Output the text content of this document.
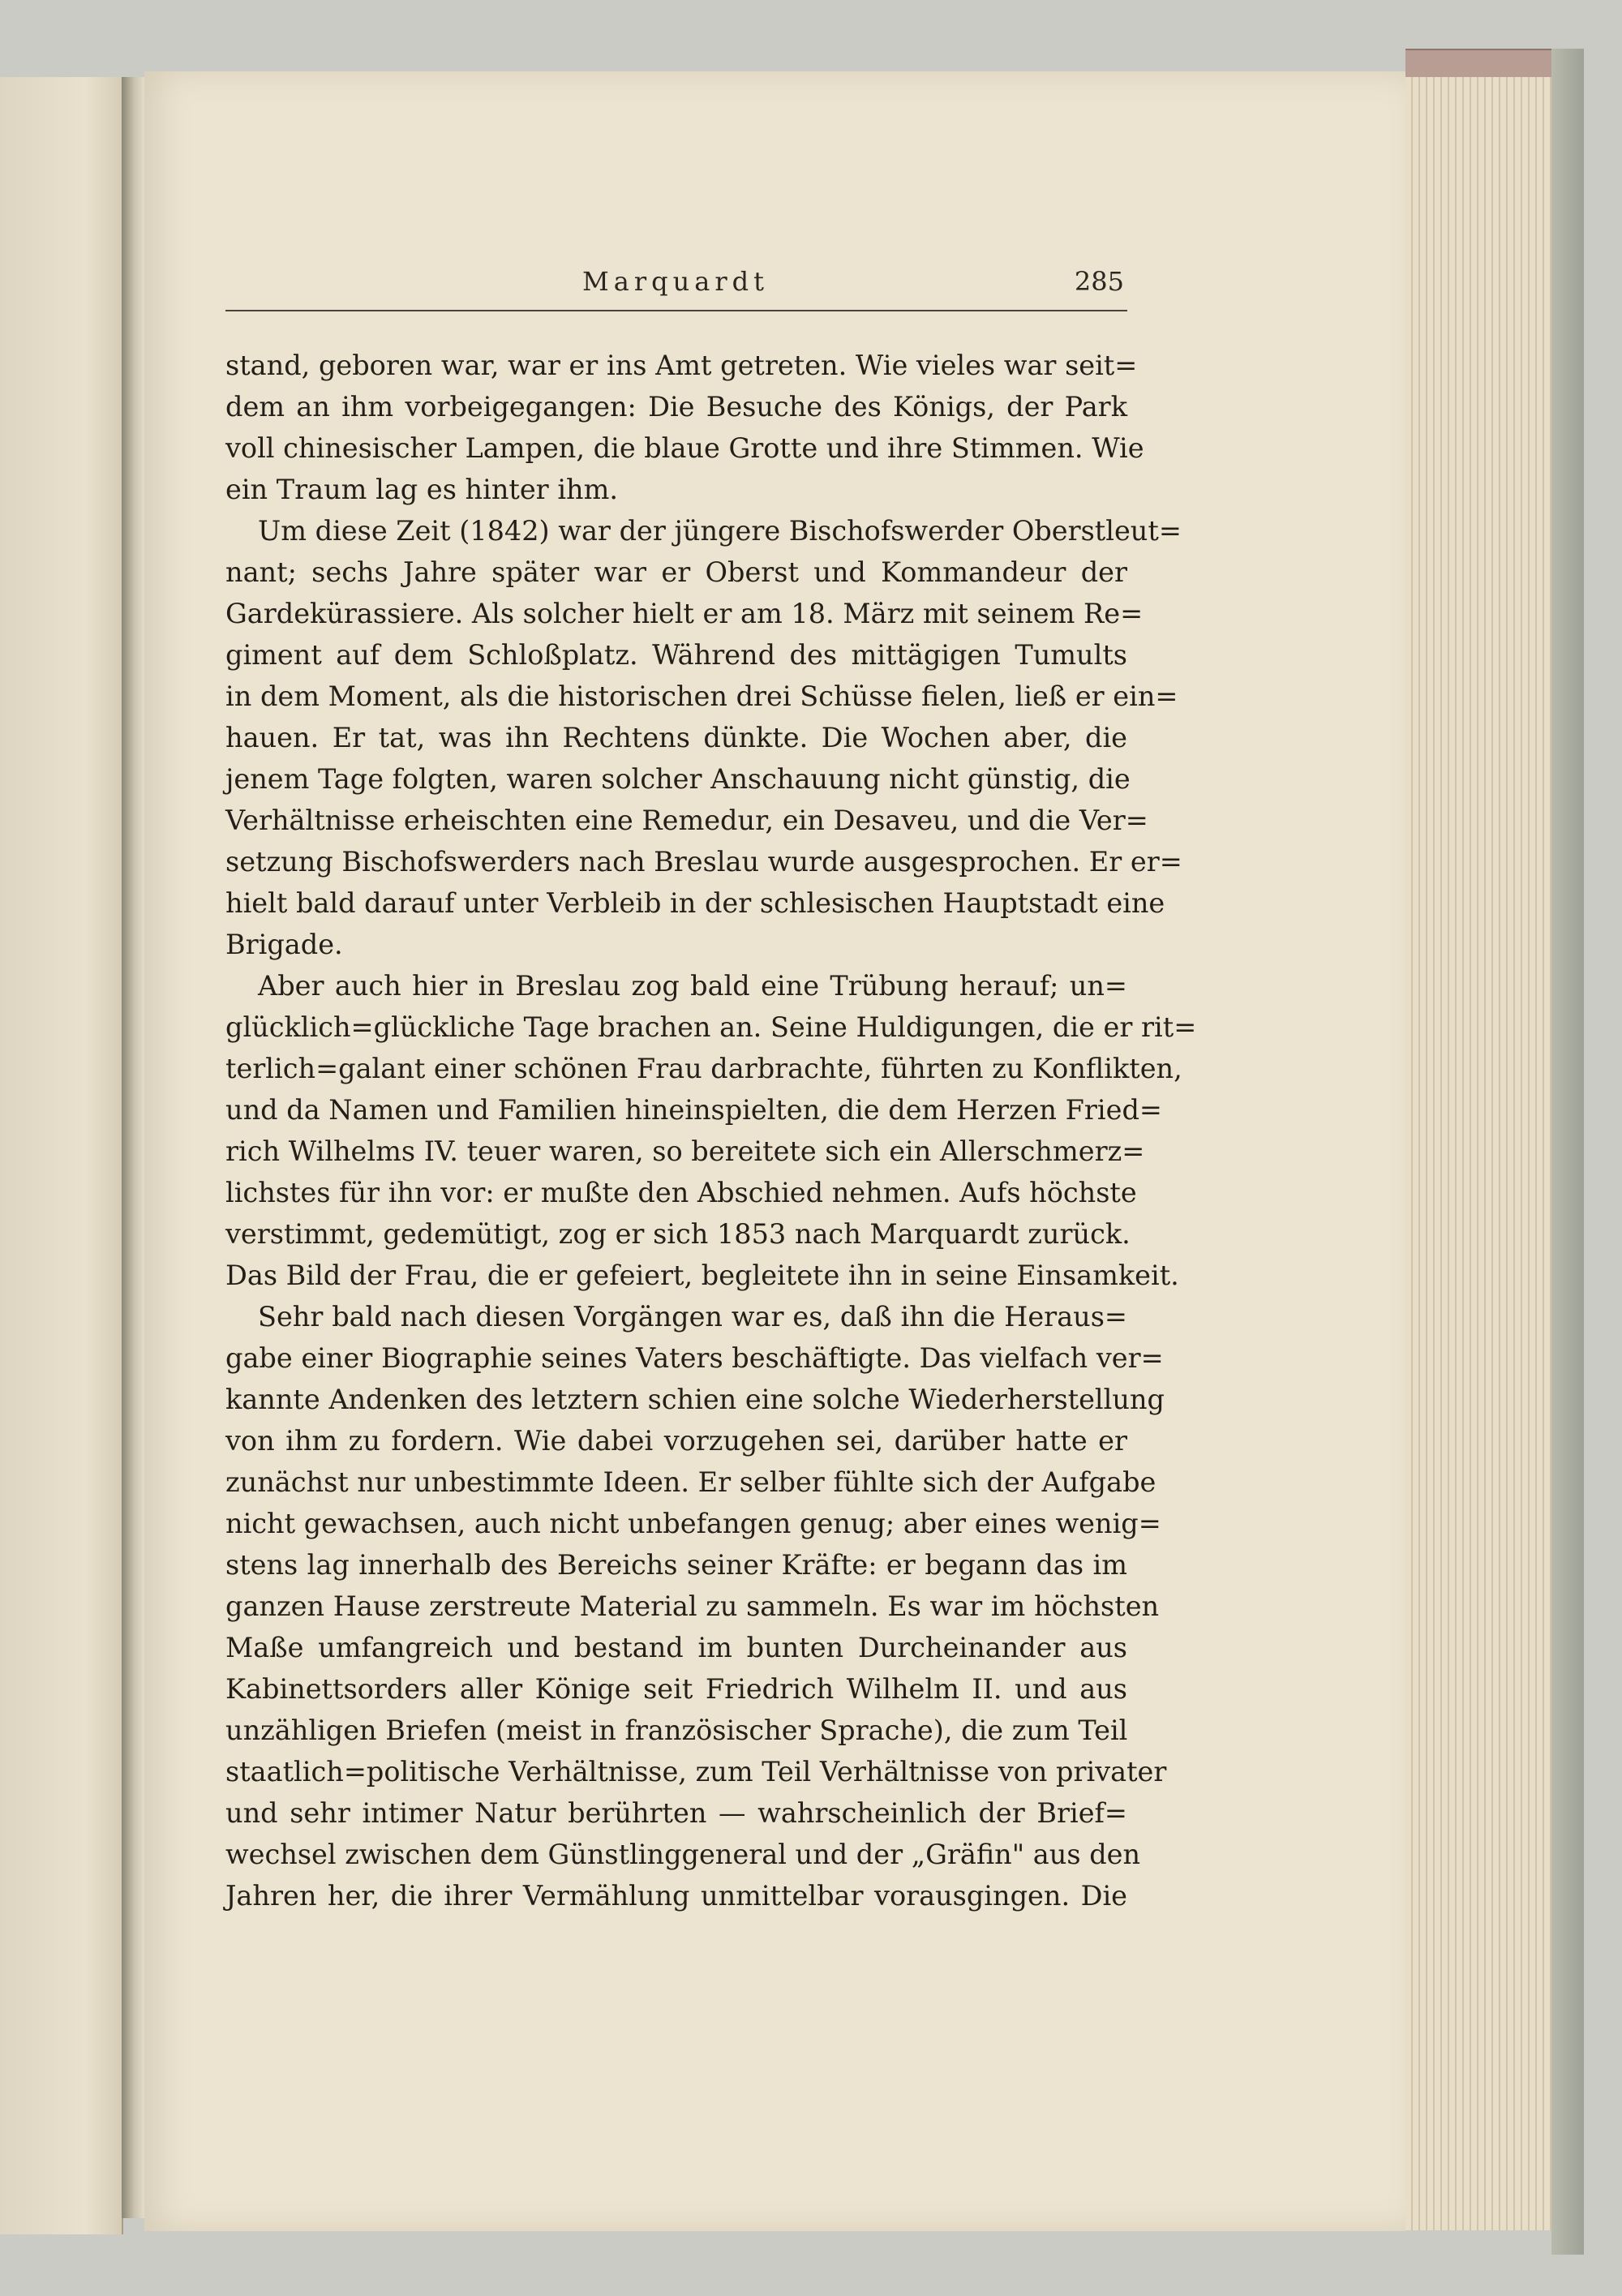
Marquardt	285
stand, geboren war, war er ins Amt getreten. Wie vieles war seit=
dem an ihm vorbeigegangen: Die Besuche des Königs, der Park
voll chinesischer Lampen, die blaue Grotte und ihre Stimmen. Wie
ein Traum lag es hinter ihm.
Um diese Zeit (1842) war der jüngere Bischofswerder Oberstleut=
nant; sechs Jahre später war er Oberst und Kommandeur der
Gardekürassiere. Als solcher hielt er am 18. März mit seinem Re=
giment auf dem Schloßplatz. Während des mittägigen Tumults
in dem Moment, als die historischen drei Schüsse fielen, ließ er ein=
hauen. Er tat, was ihn Rechtens dünkte. Die Wochen aber, die
jenem Tage folgten, waren solcher Anschauung nicht günstig, die
Verhältnisse erheischten eine Remedur, ein Desaveu, und die Ver=
setzung Bischofswerders nach Breslau wurde ausgesprochen. Er er=
hielt bald darauf unter Verbleib in der schlesischen Hauptstadt eine
Brigade.
Aber auch hier in Breslau zog bald eine Trübung herauf; un=
glücklich=glückliche Tage brachen an. Seine Huldigungen, die er rit=
terlich=galant einer schönen Frau darbrachte, führten zu Konflikten,
und da Namen und Familien hineinspielten, die dem Herzen Fried=
rich Wilhelms IV. teuer waren, so bereitete sich ein Allerschmerz=
lichstes für ihn vor: er mußte den Abschied nehmen. Aufs höchste
verstimmt, gedemütigt, zog er sich 1853 nach Marquardt zurück.
Das Bild der Frau, die er gefeiert, begleitete ihn in seine Einsamkeit.
Sehr bald nach diesen Vorgängen war es, daß ihn die Heraus=
gabe einer Biographie seines Vaters beschäftigte. Das vielfach ver=
kannte Andenken des letztern schien eine solche Wiederherstellung
von ihm zu fordern. Wie dabei vorzugehen sei, darüber hatte er
zunächst nur unbestimmte Ideen. Er selber fühlte sich der Aufgabe
nicht gewachsen, auch nicht unbefangen genug; aber eines wenig=
stens lag innerhalb des Bereichs seiner Kräfte: er begann das im
ganzen Hause zerstreute Material zu sammeln. Es war im höchsten
Maße umfangreich und bestand im bunten Durcheinander aus
Kabinettsorders aller Könige seit Friedrich Wilhelm II. und aus
unzähligen Briefen (meist in französischer Sprache), die zum Teil
staatlich=politische Verhältnisse, zum Teil Verhältnisse von privater
und sehr intimer Natur berührten — wahrscheinlich der Brief=
wechsel zwischen dem Günstlinggeneral und der „Gräfin" aus den
Jahren her, die ihrer Vermählung unmittelbar vorausgingen. Die
